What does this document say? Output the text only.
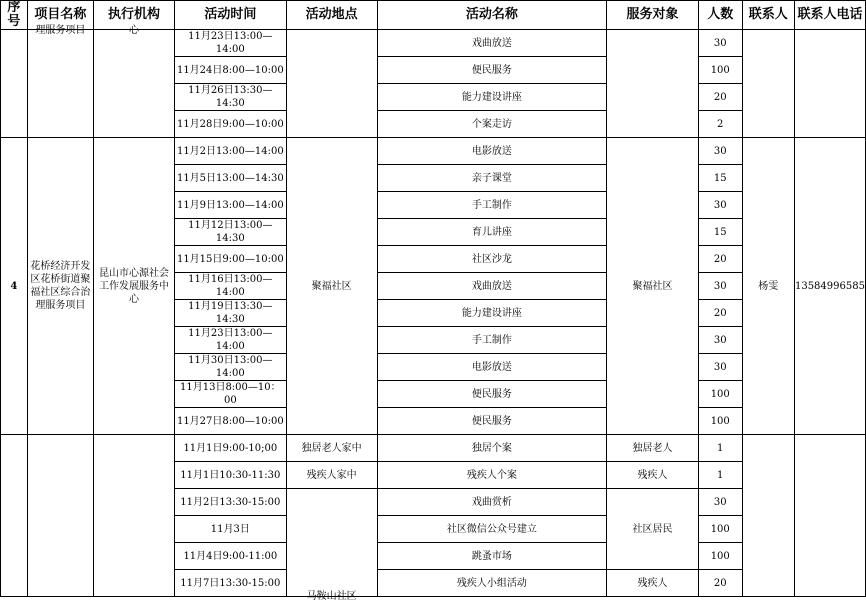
序号	项目名称	执行机构	活动时间	活动地点	活动名称	服务对象	人数	联系人	联系人电话

	理服务项目	心	11月23日13:00—14:00		戏曲放送		30		
			11月24日8:00—10:00		便民服务		100		
			11月26日13:30—14:30		能力建设讲座		20		
			11月28日9:00—10:00		个案走访		2		
4	花桥经济开发区花桥街道聚福社区综合治理服务项目	昆山市心源社会工作发展服务中心	11月2日13:00—14:00	聚福社区	电影放送	聚福社区	30	杨雯	13584996585
			11月5日13:00—14:30		亲子课堂		15		
			11月9日13:00—14:00		手工制作		30		
			11月12日13:00—14:30		育儿讲座		15		
			11月15日9:00—10:00		社区沙龙		20		
			11月16日13:00—14:00		戏曲放送		30		
			11月19日13:30—14:30		能力建设讲座		20		
			11月23日13:00—14:00		手工制作		30		
			11月30日13:00—14:00		电影放送		30		
			11月13日8:00—10：00		便民服务		100		
			11月27日8:00—10:00		便民服务		100		
			11月1日9:00-10;00	独居老人家中	独居个案	独居老人	1		
			11月1日10:30-11:30	残疾人家中	残疾人个案	残疾人	1		
			11月2日13:30-15:00	马鞍山社区	戏曲赏析	社区居民	30		
			11月3日		社区微信公众号建立		100		
			11月4日9:00-11:00		跳蚤市场		100		
			11月7日13:30-15:00		残疾人小组活动	残疾人	20		
